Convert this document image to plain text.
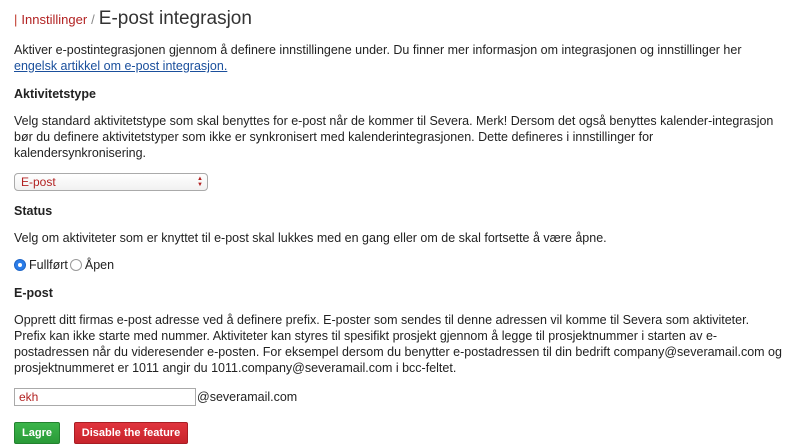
| Innstillinger / E-post integrasjon

Aktiver e-postintegrasjonen gjennom å definere innstillingene under. Du finner mer informasjon om integrasjonen og innstillinger her engelsk artikkel om e-post integrasjon.

Aktivitetstype

Velg standard aktivitetstype som skal benyttes for e-post når de kommer til Severa. Merk! Dersom det også benyttes kalender-integrasjon bør du definere aktivitetstyper som ikke er synkronisert med kalenderintegrasjonen. Dette defineres i innstillinger for kalendersynkronisering.

E-post	▲
▼
Status

Velg om aktiviteter som er knyttet til e-post skal lukkes med en gang eller om de skal fortsette å være åpne.

Fullført Åpen
E-post

Opprett ditt firmas e-post adresse ved å definere prefix. E-poster som sendes til denne adressen vil komme til Severa som aktiviteter. Prefix kan ikke starte med nummer. Aktiviteter kan styres til spesifikt prosjekt gjennom å legge til prosjektnummer i starten av e-postadressen når du videresender e-posten. For eksempel dersom du benytter e-postadressen til din bedrift company@severamail.com og prosjektnummeret er 1011 angir du 1011.company@severamail.com i bcc-feltet.

ekh
@severamail.com
Lagre	Disable the feature
